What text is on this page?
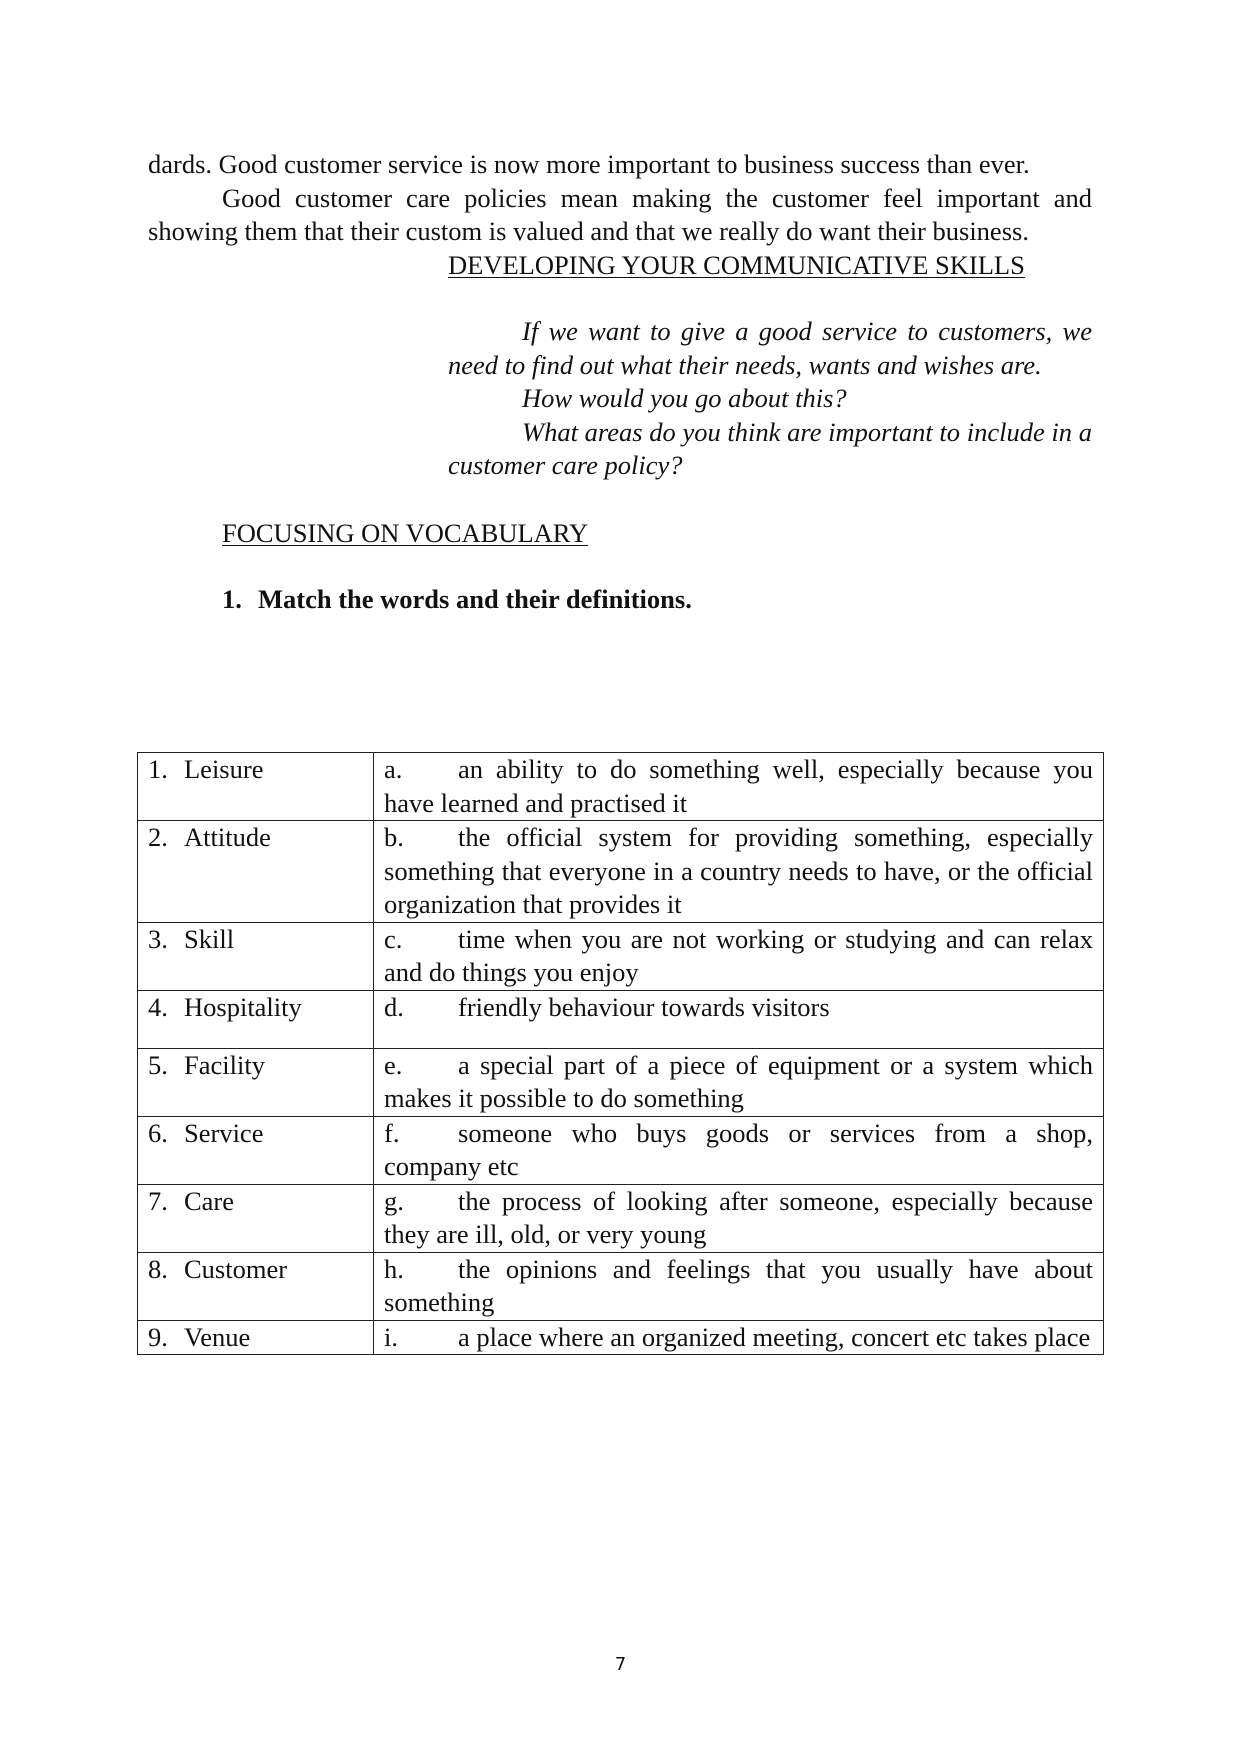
dards. Good customer service is now more important to business success than ever.

Good customer care policies mean making the customer feel important and showing them that their custom is valued and that we really do want their business.

DEVELOPING YOUR COMMUNICATIVE SKILLS

If we want to give a good service to customers, we need to find out what their needs, wants and wishes are.

How would you go about this?

What areas do you think are important to include in a customer care policy?

FOCUSING ON VOCABULARY

1. Match the words and their definitions.

1. Leisure	a. an ability to do something well, especially because you have learned and practised it
2. Attitude	b. the official system for providing something, especially something that everyone in a country needs to have, or the official organization that provides it
3. Skill	c. time when you are not working or studying and can relax and do things you enjoy
4. Hospitality	d. friendly behaviour towards visitors
5. Facility	e. a special part of a piece of equipment or a system which makes it possible to do something
6. Service	f. someone who buys goods or services from a shop, company etc
7. Care	g. the process of looking after someone, especially because they are ill, old, or very young
8. Customer	h. the opinions and feelings that you usually have about something
9. Venue	i. a place where an organized meeting, concert etc takes place
7
